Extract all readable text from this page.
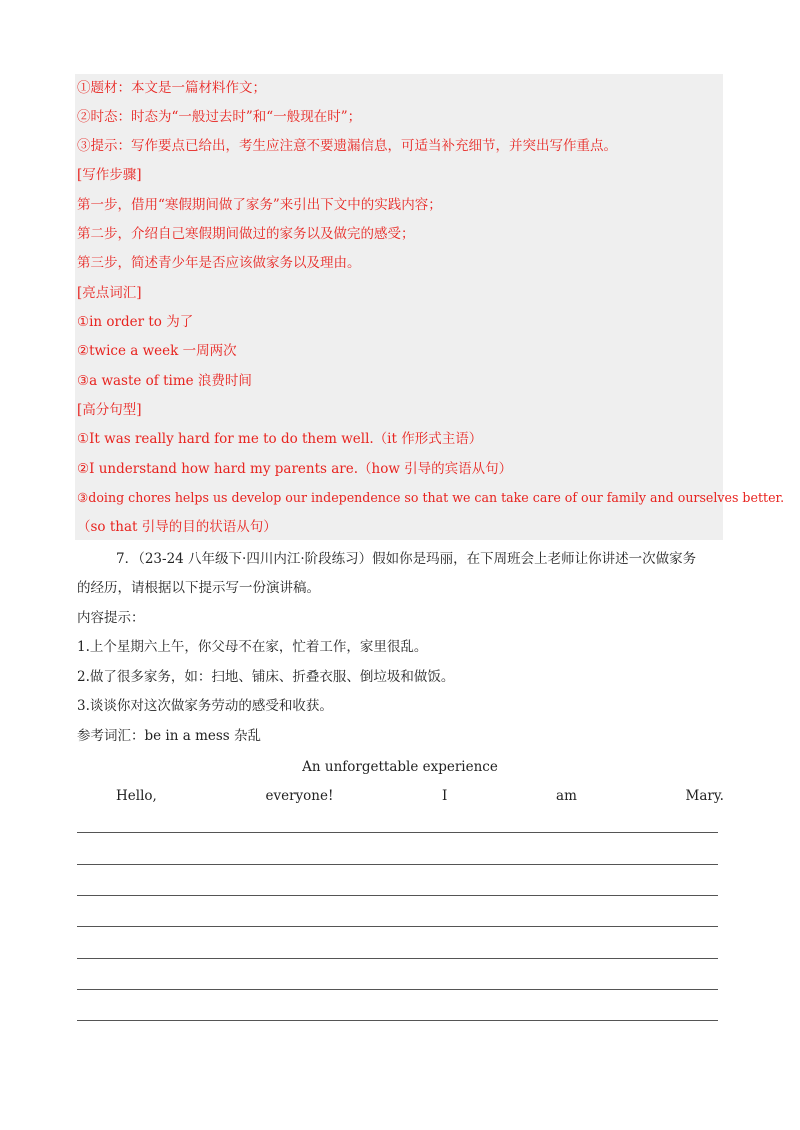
①题材：本文是一篇材料作文；
②时态：时态为“一般过去时”和“一般现在时”；
③提示：写作要点已给出，考生应注意不要遗漏信息，可适当补充细节，并突出写作重点。
[写作步骤]
第一步，借用“寒假期间做了家务”来引出下文中的实践内容；
第二步，介绍自己寒假期间做过的家务以及做完的感受；
第三步，简述青少年是否应该做家务以及理由。
[亮点词汇]
①in order to 为了
②twice a week 一周两次
③a waste of time 浪费时间
[高分句型]
①It was really hard for me to do them well.（it 作形式主语）
②I understand how hard my parents are.（how 引导的宾语从句）
③doing chores helps us develop our independence so that we can take care of our family and ourselves better.
（so that 引导的目的状语从句）
7．（23-24 八年级下·四川内江·阶段练习）假如你是玛丽，在下周班会上老师让你讲述一次做家务
的经历，请根据以下提示写一份演讲稿。
内容提示：
1.上个星期六上午，你父母不在家，忙着工作，家里很乱。
2.做了很多家务，如：扫地、铺床、折叠衣服、倒垃圾和做饭。
3.谈谈你对这次做家务劳动的感受和收获。
参考词汇：be in a mess 杂乱
An unforgettable experience
Hello,	everyone!	I	am	Mary.
